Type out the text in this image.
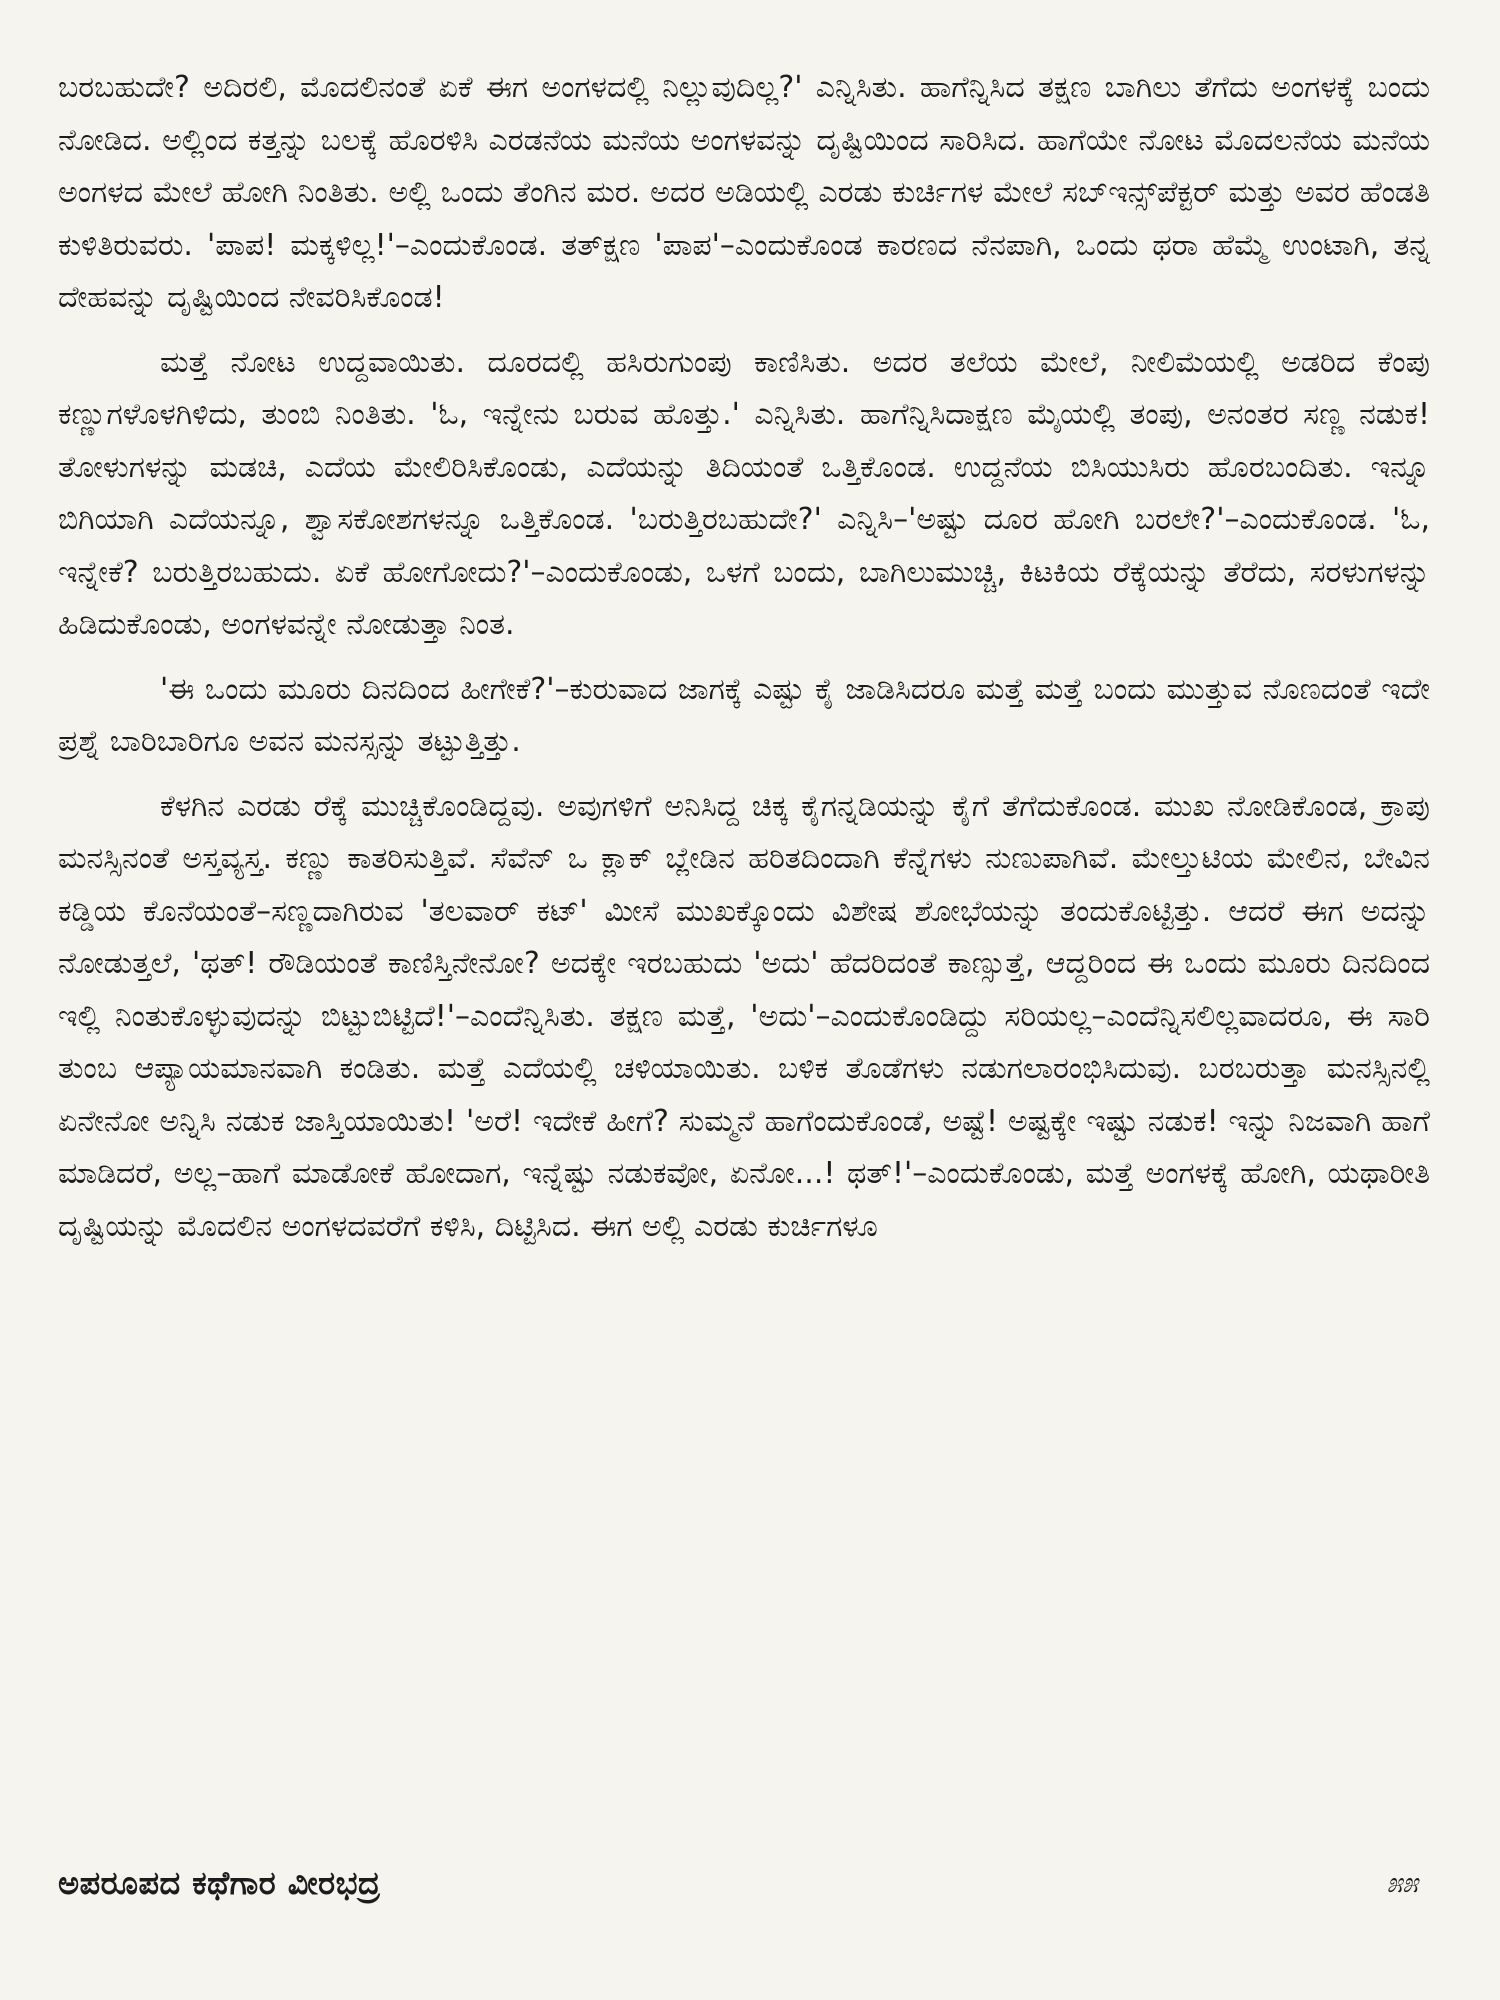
ಬರಬಹುದೇ? ಅದಿರಲಿ, ಮೊದಲಿನಂತೆ ಏಕೆ ಈಗ ಅಂಗಳದಲ್ಲಿ ನಿಲ್ಲುವುದಿಲ್ಲ?' ಎನ್ನಿಸಿತು. ಹಾಗೆನ್ನಿಸಿದ ತಕ್ಷಣ ಬಾಗಿಲು ತೆಗೆದು ಅಂಗಳಕ್ಕೆ ಬಂದು ನೋಡಿದ. ಅಲ್ಲಿಂದ ಕತ್ತನ್ನು ಬಲಕ್ಕೆ ಹೊರಳಿಸಿ ಎರಡನೆಯ ಮನೆಯ ಅಂಗಳವನ್ನು ದೃಷ್ಟಿಯಿಂದ ಸಾರಿಸಿದ. ಹಾಗೆಯೇ ನೋಟ ಮೊದಲನೆಯ ಮನೆಯ ಅಂಗಳದ ಮೇಲೆ ಹೋಗಿ ನಿಂತಿತು. ಅಲ್ಲಿ ಒಂದು ತೆಂಗಿನ ಮರ. ಅದರ ಅಡಿಯಲ್ಲಿ ಎರಡು ಕುರ್ಚಿಗಳ ಮೇಲೆ ಸಬ್‌ಇನ್ಸ್‌ಪೆಕ್ಟರ್ ಮತ್ತು ಅವರ ಹೆಂಡತಿ ಕುಳಿತಿರುವರು. 'ಪಾಪ! ಮಕ್ಕಳಿಲ್ಲ!'–ಎಂದುಕೊಂಡ. ತತ್‌ಕ್ಷಣ 'ಪಾಪ'–ಎಂದುಕೊಂಡ ಕಾರಣದ ನೆನಪಾಗಿ, ಒಂದು ಥರಾ ಹೆಮ್ಮೆ ಉಂಟಾಗಿ, ತನ್ನ ದೇಹವನ್ನು ದೃಷ್ಟಿಯಿಂದ ನೇವರಿಸಿಕೊಂಡ!

ಮತ್ತೆ ನೋಟ ಉದ್ದವಾಯಿತು. ದೂರದಲ್ಲಿ ಹಸಿರುಗುಂಪು ಕಾಣಿಸಿತು. ಅದರ ತಲೆಯ ಮೇಲೆ, ನೀಲಿಮೆಯಲ್ಲಿ ಅಡರಿದ ಕೆಂಪು ಕಣ್ಣುಗಳೊಳಗಿಳಿದು, ತುಂಬಿ ನಿಂತಿತು. 'ಓ, ಇನ್ನೇನು ಬರುವ ಹೊತ್ತು.' ಎನ್ನಿಸಿತು. ಹಾಗೆನ್ನಿಸಿದಾಕ್ಷಣ ಮೈಯಲ್ಲಿ ತಂಪು, ಅನಂತರ ಸಣ್ಣ ನಡುಕ! ತೋಳುಗಳನ್ನು ಮಡಚಿ, ಎದೆಯ ಮೇಲಿರಿಸಿಕೊಂಡು, ಎದೆಯನ್ನು ತಿದಿಯಂತೆ ಒತ್ತಿಕೊಂಡ. ಉದ್ದನೆಯ ಬಿಸಿಯುಸಿರು ಹೊರಬಂದಿತು. ಇನ್ನೂ ಬಿಗಿಯಾಗಿ ಎದೆಯನ್ನೂ, ಶ್ವಾಸಕೋಶಗಳನ್ನೂ ಒತ್ತಿಕೊಂಡ. 'ಬರುತ್ತಿರಬಹುದೇ?' ಎನ್ನಿಸಿ–'ಅಷ್ಟು ದೂರ ಹೋಗಿ ಬರಲೇ?'–ಎಂದುಕೊಂಡ. 'ಓ, ಇನ್ನೇಕೆ? ಬರುತ್ತಿರಬಹುದು. ಏಕೆ ಹೋಗೋದು?'–ಎಂದುಕೊಂಡು, ಒಳಗೆ ಬಂದು, ಬಾಗಿಲುಮುಚ್ಚಿ, ಕಿಟಕಿಯ ರೆಕ್ಕೆಯನ್ನು ತೆರೆದು, ಸರಳುಗಳನ್ನು ಹಿಡಿದುಕೊಂಡು, ಅಂಗಳವನ್ನೇ ನೋಡುತ್ತಾ ನಿಂತ.

'ಈ ಒಂದು ಮೂರು ದಿನದಿಂದ ಹೀಗೇಕೆ?'–ಕುರುವಾದ ಜಾಗಕ್ಕೆ ಎಷ್ಟು ಕೈ ಜಾಡಿಸಿದರೂ ಮತ್ತೆ ಮತ್ತೆ ಬಂದು ಮುತ್ತುವ ನೊಣದಂತೆ ಇದೇ ಪ್ರಶ್ನೆ ಬಾರಿಬಾರಿಗೂ ಅವನ ಮನಸ್ಸನ್ನು ತಟ್ಟುತ್ತಿತ್ತು.

ಕೆಳಗಿನ ಎರಡು ರೆಕ್ಕೆ ಮುಚ್ಚಿಕೊಂಡಿದ್ದವು. ಅವುಗಳಿಗೆ ಅನಿಸಿದ್ದ ಚಿಕ್ಕ ಕೈಗನ್ನಡಿಯನ್ನು ಕೈಗೆ ತೆಗೆದುಕೊಂಡ. ಮುಖ ನೋಡಿಕೊಂಡ, ಕ್ರಾಪು ಮನಸ್ಸಿನಂತೆ ಅಸ್ತವ್ಯಸ್ತ. ಕಣ್ಣು ಕಾತರಿಸುತ್ತಿವೆ. ಸೆವೆನ್ ಒ ಕ್ಲಾಕ್ ಬ್ಲೇಡಿನ ಹರಿತದಿಂದಾಗಿ ಕೆನ್ನೆಗಳು ನುಣುಪಾಗಿವೆ. ಮೇಲ್ತುಟಿಯ ಮೇಲಿನ, ಬೇವಿನ ಕಡ್ಡಿಯ ಕೊನೆಯಂತೆ–ಸಣ್ಣದಾಗಿರುವ 'ತಲವಾರ್ ಕಟ್' ಮೀಸೆ ಮುಖಕ್ಕೊಂದು ವಿಶೇಷ ಶೋಭೆಯನ್ನು ತಂದುಕೊಟ್ಟಿತ್ತು. ಆದರೆ ಈಗ ಅದನ್ನು ನೋಡುತ್ತಲೆ, 'ಥತ್! ರೌಡಿಯಂತೆ ಕಾಣಿಸ್ತಿನೇನೋ? ಅದಕ್ಕೇ ಇರಬಹುದು 'ಅದು' ಹೆದರಿದಂತೆ ಕಾಣ್ಸುತ್ತೆ, ಆದ್ದರಿಂದ ಈ ಒಂದು ಮೂರು ದಿನದಿಂದ ಇಲ್ಲಿ ನಿಂತುಕೊಳ್ಳುವುದನ್ನು ಬಿಟ್ಟುಬಿಟ್ಟಿದೆ!'–ಎಂದೆನ್ನಿಸಿತು. ತಕ್ಷಣ ಮತ್ತೆ, 'ಅದು'–ಎಂದುಕೊಂಡಿದ್ದು ಸರಿಯಲ್ಲ–ಎಂದೆನ್ನಿಸಲಿಲ್ಲವಾದರೂ, ಈ ಸಾರಿ ತುಂಬ ಆಪ್ಯಾಯಮಾನವಾಗಿ ಕಂಡಿತು. ಮತ್ತೆ ಎದೆಯಲ್ಲಿ ಚಳಿಯಾಯಿತು. ಬಳಿಕ ತೊಡೆಗಳು ನಡುಗಲಾರಂಭಿಸಿದುವು. ಬರಬರುತ್ತಾ ಮನಸ್ಸಿನಲ್ಲಿ ಏನೇನೋ ಅನ್ನಿಸಿ ನಡುಕ ಜಾಸ್ತಿಯಾಯಿತು! 'ಅರೆ! ಇದೇಕೆ ಹೀಗೆ? ಸುಮ್ಮನೆ ಹಾಗೆಂದುಕೊಂಡೆ, ಅಷ್ಟೆ! ಅಷ್ಟಕ್ಕೇ ಇಷ್ಟು ನಡುಕ! ಇನ್ನು ನಿಜವಾಗಿ ಹಾಗೆ ಮಾಡಿದರೆ, ಅಲ್ಲ–ಹಾಗೆ ಮಾಡೋಕೆ ಹೋದಾಗ, ಇನ್ನೆಷ್ಟು ನಡುಕವೋ, ಏನೋ...! ಥತ್!'–ಎಂದುಕೊಂಡು, ಮತ್ತೆ ಅಂಗಳಕ್ಕೆ ಹೋಗಿ, ಯಥಾರೀತಿ ದೃಷ್ಟಿಯನ್ನು ಮೊದಲಿನ ಅಂಗಳದವರೆಗೆ ಕಳಿಸಿ, ದಿಟ್ಟಿಸಿದ. ಈಗ ಅಲ್ಲಿ ಎರಡು ಕುರ್ಚಿಗಳೂ

ಅಪರೂಪದ ಕಥೆಗಾರ ವೀರಭದ್ರ	೫೫
